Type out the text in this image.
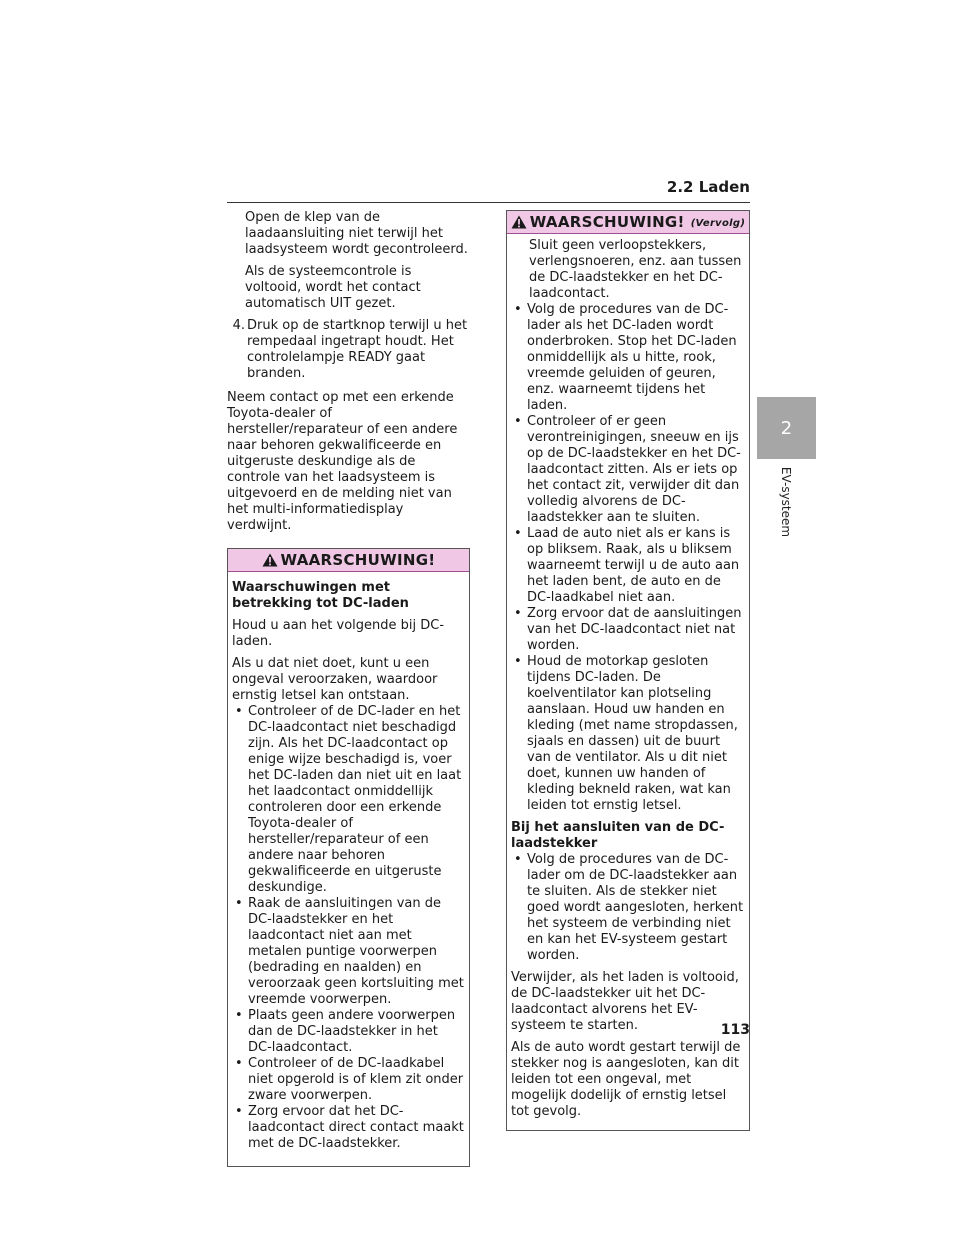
2.2 Laden
2
EV-systeem

Open de klep van de laadaansluiting niet terwijl het laadsysteem wordt gecontroleerd.

Als de systeemcontrole is voltooid, wordt het contact automatisch UIT gezet.

4. Druk op de startknop terwijl u het rempedaal ingetrapt houdt. Het controlelampje READY gaat branden.

Neem contact op met een erkende Toyota-dealer of hersteller/reparateur of een andere naar behoren gekwalificeerde en uitgeruste deskundige als de controle van het laadsysteem is uitgevoerd en de melding niet van het multi-informatiedisplay verdwijnt.

WAARSCHUWING!

Waarschuwingen met betrekking tot DC-laden

Houd u aan het volgende bij DC-laden.

Als u dat niet doet, kunt u een ongeval veroorzaken, waardoor ernstig letsel kan ontstaan.

• Controleer of de DC-lader en het DC-laadcontact niet beschadigd zijn. Als het DC-laadcontact op enige wijze beschadigd is, voer het DC-laden dan niet uit en laat het laadcontact onmiddellijk controleren door een erkende Toyota-dealer of hersteller/reparateur of een andere naar behoren gekwalificeerde en uitgeruste deskundige.
• Raak de aansluitingen van de DC-laadstekker en het laadcontact niet aan met metalen puntige voorwerpen (bedrading en naalden) en veroorzaak geen kortsluiting met vreemde voorwerpen.
• Plaats geen andere voorwerpen dan de DC-laadstekker in het DC-laadcontact.
• Controleer of de DC-laadkabel niet opgerold is of klem zit onder zware voorwerpen.
• Zorg ervoor dat het DC-laadcontact direct contact maakt met de DC-laadstekker.
WAARSCHUWING! (Vervolg)

Sluit geen verloopstekkers, verlengsnoeren, enz. aan tussen de DC-laadstekker en het DC-laadcontact.

• Volg de procedures van de DC-lader als het DC-laden wordt onderbroken. Stop het DC-laden onmiddellijk als u hitte, rook, vreemde geluiden of geuren, enz. waarneemt tijdens het laden.
• Controleer of er geen verontreinigingen, sneeuw en ijs op de DC-laadstekker en het DC-laadcontact zitten. Als er iets op het contact zit, verwijder dit dan volledig alvorens de DC-laadstekker aan te sluiten.
• Laad de auto niet als er kans is op bliksem. Raak, als u bliksem waarneemt terwijl u de auto aan het laden bent, de auto en de DC-laadkabel niet aan.
• Zorg ervoor dat de aansluitingen van het DC-laadcontact niet nat worden.
• Houd de motorkap gesloten tijdens DC-laden. De koelventilator kan plotseling aanslaan. Houd uw handen en kleding (met name stropdassen, sjaals en dassen) uit de buurt van de ventilator. Als u dit niet doet, kunnen uw handen of kleding bekneld raken, wat kan leiden tot ernstig letsel.

Bij het aansluiten van de DC-laadstekker

• Volg de procedures van de DC-lader om de DC-laadstekker aan te sluiten. Als de stekker niet goed wordt aangesloten, herkent het systeem de verbinding niet en kan het EV-systeem gestart worden.

Verwijder, als het laden is voltooid, de DC-laadstekker uit het DC-laadcontact alvorens het EV-systeem te starten.

Als de auto wordt gestart terwijl de stekker nog is aangesloten, kan dit leiden tot een ongeval, met mogelijk dodelijk of ernstig letsel tot gevolg.

113
